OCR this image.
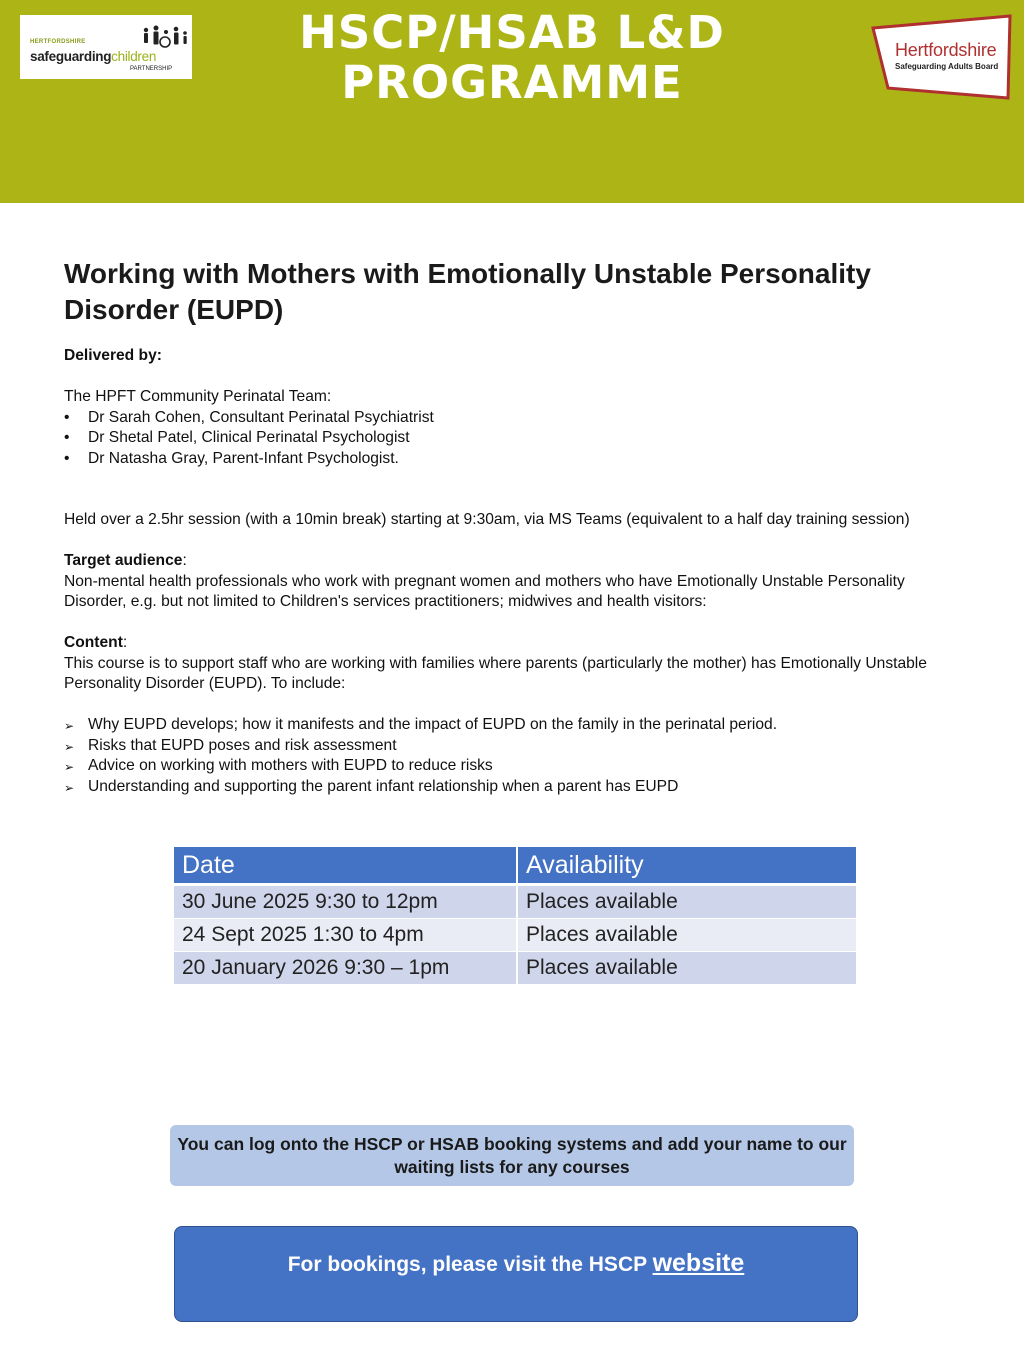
HERTFORDSHIRE
safeguardingchildren
PARTNERSHIP
HSCP/HSAB L&D PROGRAMME
Hertfordshire
Safeguarding Adults Board
Working with Mothers with Emotionally Unstable Personality Disorder (EUPD)

Delivered by:

The HPFT Community Perinatal Team:

• Dr Sarah Cohen, Consultant Perinatal Psychiatrist
• Dr Shetal Patel, Clinical Perinatal Psychologist
• Dr Natasha Gray, Parent-Infant Psychologist.

Held over a 2.5hr session (with a 10min break) starting at 9:30am, via MS Teams (equivalent to a half day training session)

Target audience:

Non-mental health professionals who work with pregnant women and mothers who have Emotionally Unstable Personality Disorder, e.g. but not limited to Children's services practitioners; midwives and health visitors:

Content:

This course is to support staff who are working with families where parents (particularly the mother) has Emotionally Unstable Personality Disorder (EUPD). To include:

➢ Why EUPD develops; how it manifests and the impact of EUPD on the family in the perinatal period.
➢ Risks that EUPD poses and risk assessment
➢ Advice on working with mothers with EUPD to reduce risks
➢ Understanding and supporting the parent infant relationship when a parent has EUPD
Date	Availability
30 June 2025 9:30 to 12pm	Places available
24 Sept 2025 1:30 to 4pm	Places available
20 January 2026 9:30 – 1pm	Places available
You can log onto the HSCP or HSAB booking systems and add your name to our waiting lists for any courses
For bookings, please visit the HSCP website
